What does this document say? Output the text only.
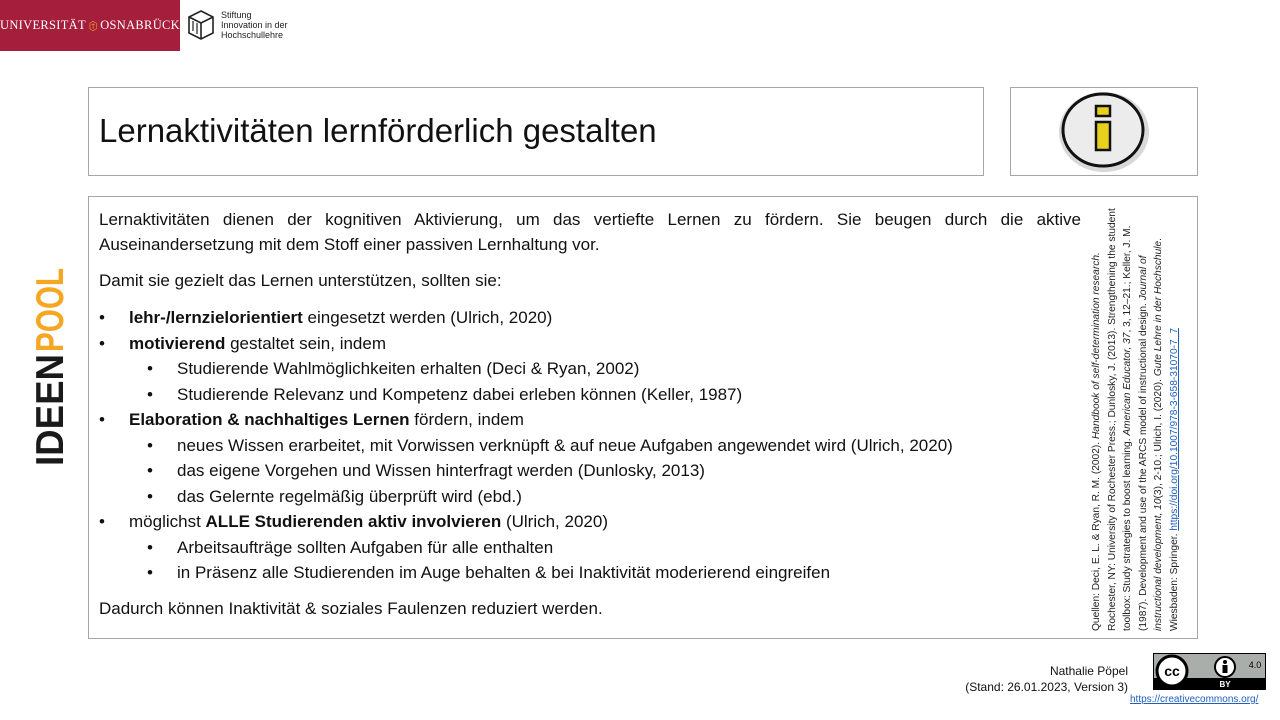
UNIVERSITÄT OSNABRÜCK
Stiftung
Innovation in der
Hochschullehre
Lernaktivitäten lernförderlich gestalten
IDEEN
POOL

Lernaktivitäten dienen der kognitiven Aktivierung, um das vertiefte Lernen zu fördern. Sie beugen durch die aktive Auseinandersetzung mit dem Stoff einer passiven Lernhaltung vor.

Damit sie gezielt das Lernen unterstützen, sollten sie:

• lehr-/lernzielorientiert eingesetzt werden (Ulrich, 2020)
• motivierend gestaltet sein, indem
• Studierende Wahlmöglichkeiten erhalten (Deci & Ryan, 2002)
• Studierende Relevanz und Kompetenz dabei erleben können (Keller, 1987)
• Elaboration & nachhaltiges Lernen fördern, indem
• neues Wissen erarbeitet, mit Vorwissen verknüpft & auf neue Aufgaben angewendet wird (Ulrich, 2020)
• das eigene Vorgehen und Wissen hinterfragt werden (Dunlosky, 2013)
• das Gelernte regelmäßig überprüft wird (ebd.)
• möglichst ALLE Studierenden aktiv involvieren (Ulrich, 2020)
• Arbeitsaufträge sollten Aufgaben für alle enthalten
• in Präsenz alle Studierenden im Auge behalten & bei Inaktivität moderierend eingreifen

Dadurch können Inaktivität & soziales Faulenzen reduziert werden.	Quellen: Deci, E. L. & Ryan, R. M. (2002). Handbook of self-determination research. Rochester, NY: University of Rochester Press.; Dunlosky, J. (2013). Strengthening the student toolbox: Study strategies to boost learning. American Educator, 37, 3, 12–21.; Keller, J. M. (1987). Development and use of the ARCS model of instructional design. Journal of instructional development, 10(3), 2-10.; Ulrich, I. (2020). Gute Lehre in der Hochschule. Wiesbaden: Springer. https://doi.org/10.1007/978-3-658-31070-7_7
Nathalie Pöpel
(Stand: 26.01.2023, Version 3)
cc	4.0
BY
https://creativecommons.org/
